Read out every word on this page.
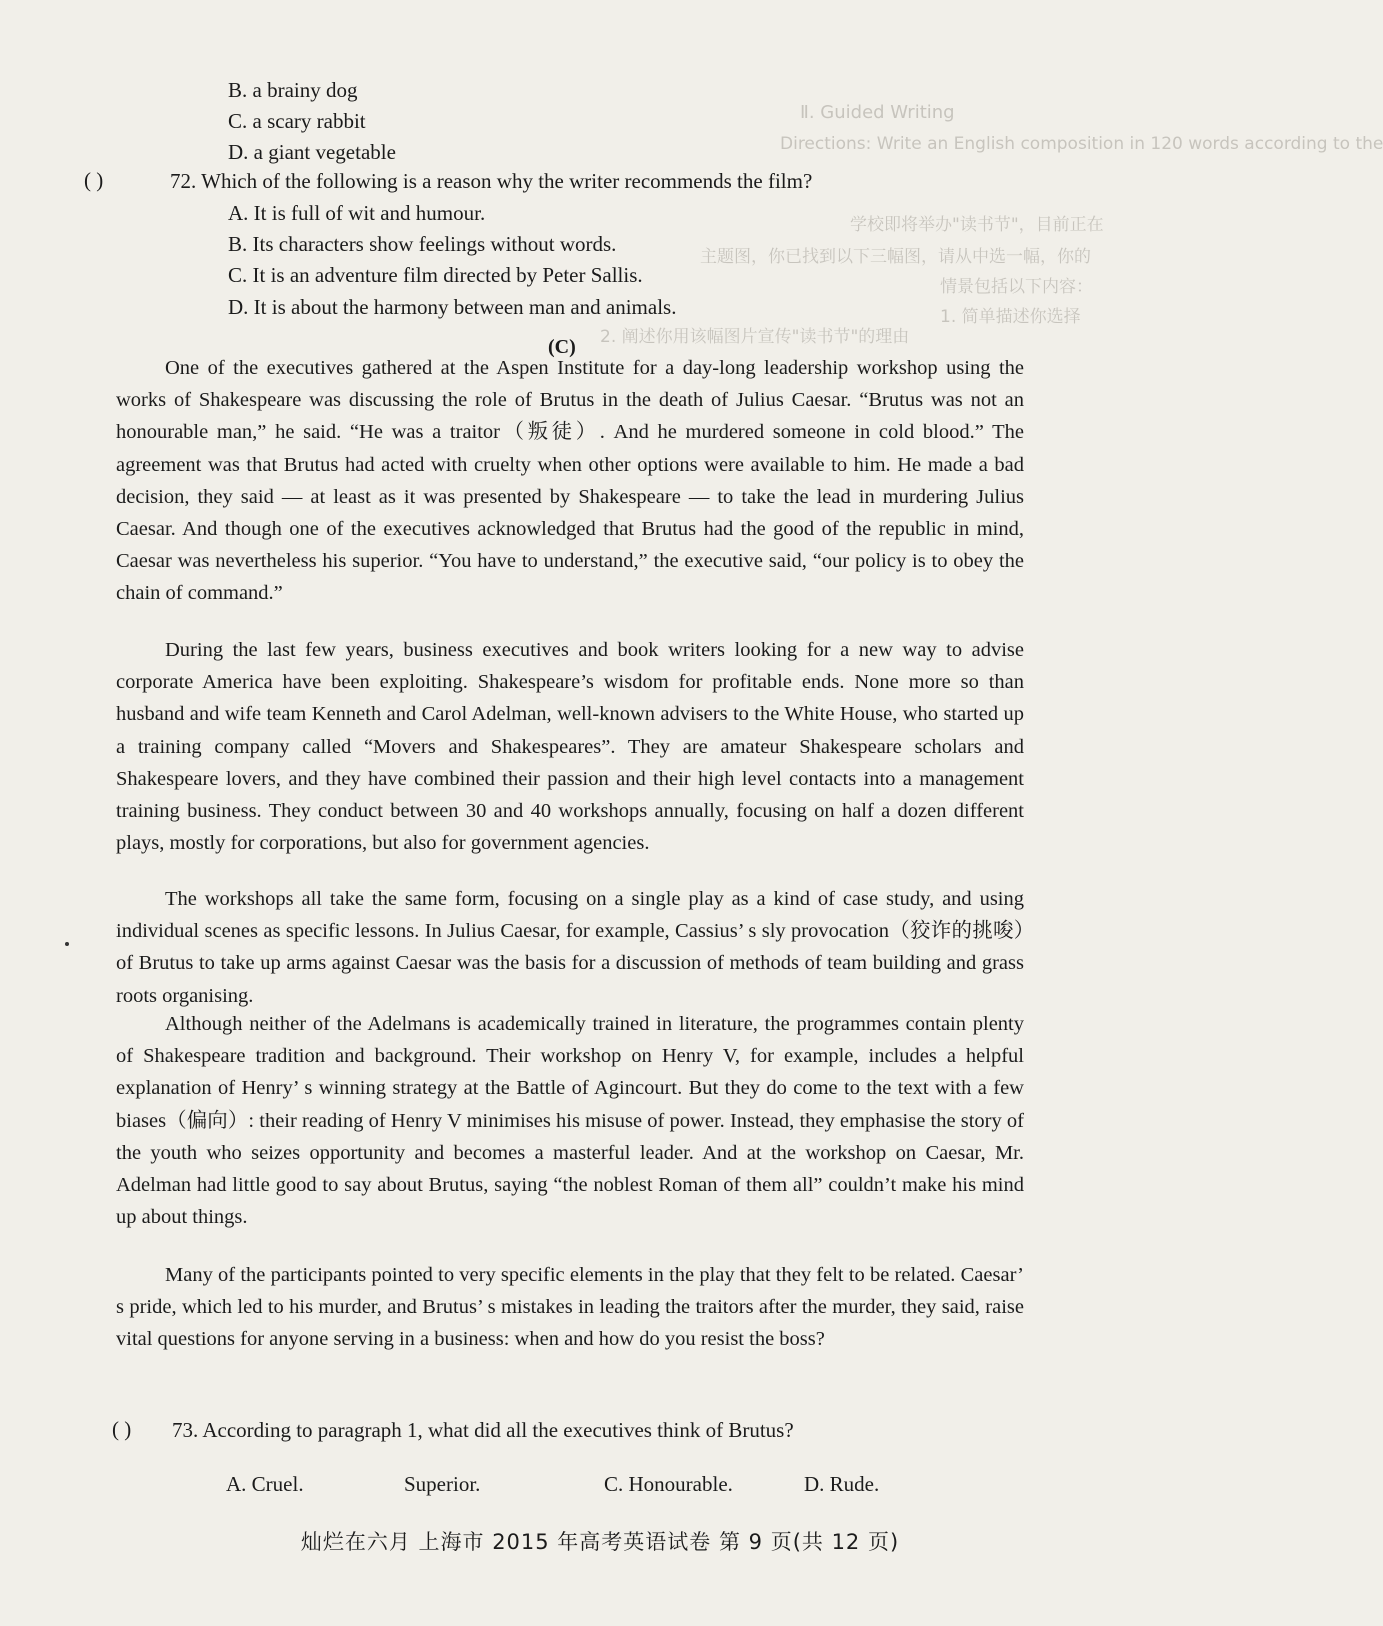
Ⅱ. Guided Writing
Directions: Write an English composition in 120 words according to the
学校即将举办"读书节"，目前正在
主题图，你已找到以下三幅图，请从中选一幅，你的
情景包括以下内容：
1. 简单描述你选择
2. 阐述你用该幅图片宣传"读书节"的理由
B. a brainy dog
C. a scary rabbit
D. a giant vegetable
( )	72. Which of the following is a reason why the writer recommends the film?
A. It is full of wit and humour.
B. Its characters show feelings without words.
C. It is an adventure film directed by Peter Sallis.
D. It is about the harmony between man and animals.
(C)
One of the executives gathered at the Aspen Institute for a day-long leadership workshop using the works of Shakespeare was discussing the role of Brutus in the death of Julius Caesar. “Brutus was not an honourable man,” he said. “He was a traitor（叛徒）. And he murdered someone in cold blood.” The agreement was that Brutus had acted with cruelty when other options were available to him. He made a bad decision, they said — at least as it was presented by Shakespeare — to take the lead in murdering Julius Caesar. And though one of the executives acknowledged that Brutus had the good of the republic in mind, Caesar was nevertheless his superior. “You have to understand,” the executive said, “our policy is to obey the chain of command.”
During the last few years, business executives and book writers looking for a new way to advise corporate America have been exploiting. Shakespeare’s wisdom for profitable ends. None more so than husband and wife team Kenneth and Carol Adelman, well-known advisers to the White House, who started up a training company called “Movers and Shakespeares”. They are amateur Shakespeare scholars and Shakespeare lovers, and they have combined their passion and their high level contacts into a management training business. They conduct between 30 and 40 workshops annually, focusing on half a dozen different plays, mostly for corporations, but also for government agencies.
The workshops all take the same form, focusing on a single play as a kind of case study, and using individual scenes as specific lessons. In Julius Caesar, for example, Cassius’ s sly provocation（狡诈的挑唆）of Brutus to take up arms against Caesar was the basis for a discussion of methods of team building and grass roots organising.
Although neither of the Adelmans is academically trained in literature, the programmes contain plenty of Shakespeare tradition and background. Their workshop on Henry V, for example, includes a helpful explanation of Henry’ s winning strategy at the Battle of Agincourt. But they do come to the text with a few biases（偏向）: their reading of Henry V minimises his misuse of power. Instead, they emphasise the story of the youth who seizes opportunity and becomes a masterful leader. And at the workshop on Caesar, Mr. Adelman had little good to say about Brutus, saying “the noblest Roman of them all” couldn’t make his mind up about things.
Many of the participants pointed to very specific elements in the play that they felt to be related. Caesar’ s pride, which led to his murder, and Brutus’ s mistakes in leading the traitors after the murder, they said, raise vital questions for anyone serving in a business: when and how do you resist the boss?
( ) 73. According to paragraph 1, what did all the executives think of Brutus?
A. Cruel.	Superior.	C. Honourable.	D. Rude.
灿烂在六月 上海市 2015 年高考英语试卷 第 9 页(共 12 页)
